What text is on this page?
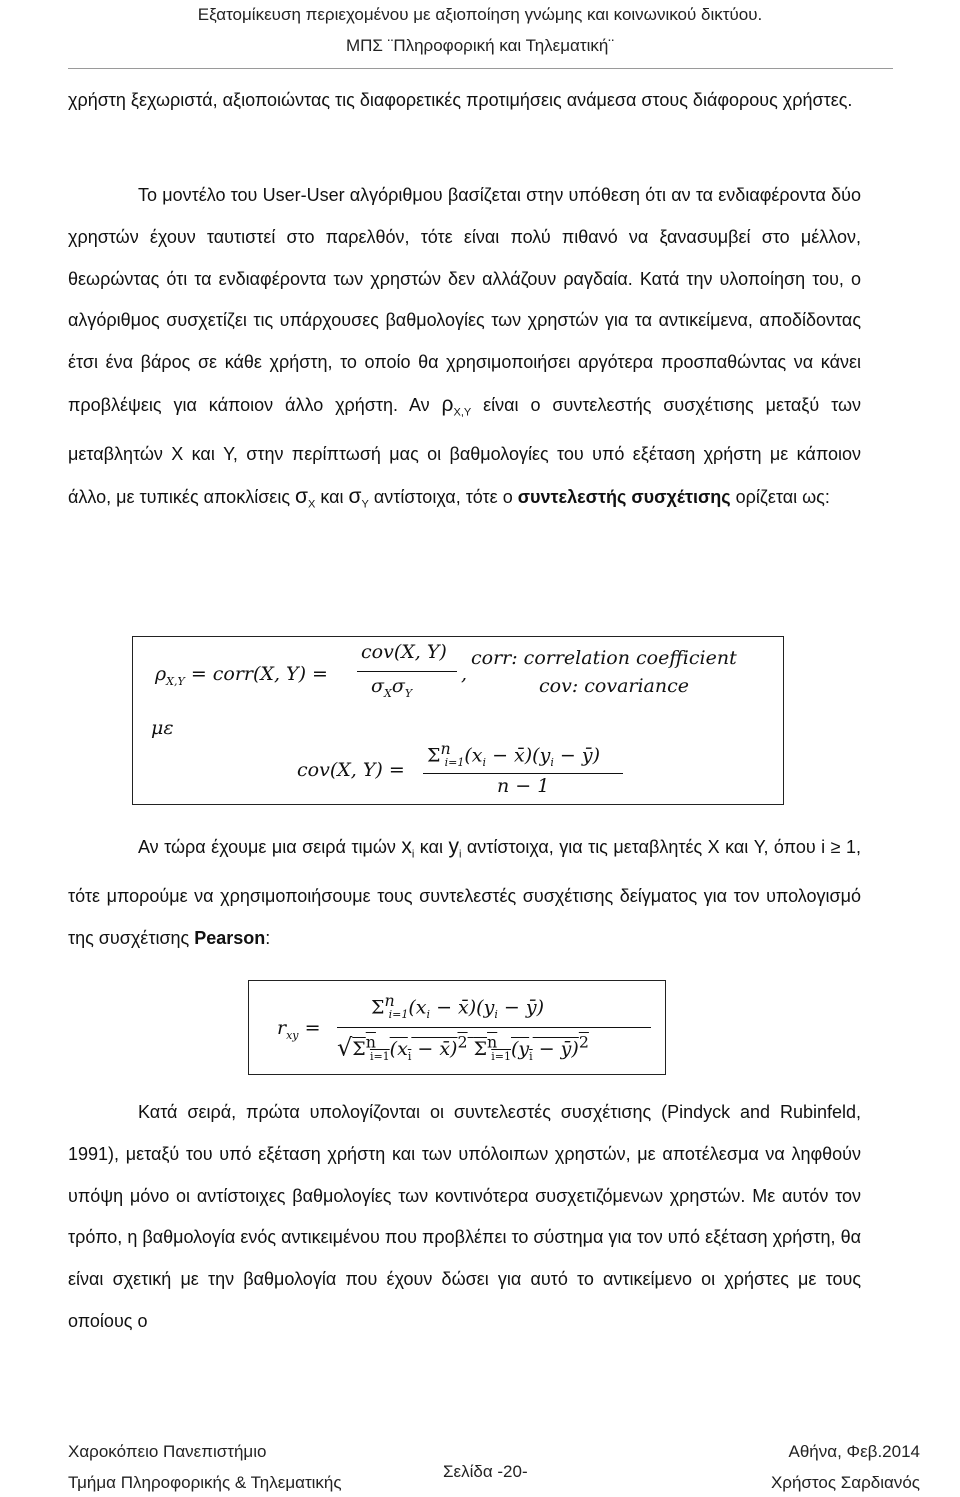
Εξατομίκευση περιεχομένου με αξιοποίηση γνώμης και κοινωνικού δικτύου.
ΜΠΣ ¨Πληροφορική και Τηλεματική¨

χρήστη ξεχωριστά, αξιοποιώντας τις διαφορετικές προτιμήσεις ανάμεσα στους διάφορους χρήστες.

Το μοντέλο του User-User αλγόριθμου βασίζεται στην υπόθεση ότι αν τα ενδιαφέροντα δύο χρηστών έχουν ταυτιστεί στο παρελθόν, τότε είναι πολύ πιθανό να ξανασυμβεί στο μέλλον, θεωρώντας ότι τα ενδιαφέροντα των χρηστών δεν αλλάζουν ραγδαία. Κατά την υλοποίηση του, ο αλγόριθμος συσχετίζει τις υπάρχουσες βαθμολογίες των χρηστών για τα αντικείμενα, αποδίδοντας έτσι ένα βάρος σε κάθε χρήστη, το οποίο θα χρησιμοποιήσει αργότερα προσπαθώντας να κάνει προβλέψεις για κάποιον άλλο χρήστη. Αν $\rho_{X,Y}$ είναι ο συντελεστής συσχέτισης μεταξύ των μεταβλητών X και Y, στην περίπτωσή μας οι βαθμολογίες του υπό εξέταση χρήστη με κάποιον άλλο, με τυπικές αποκλίσεις $\sigma_X$ και $\sigma_Y$ αντίστοιχα, τότε ο συντελεστής συσχέτισης ορίζεται ως:

$\rho_{X,Y}$ = corr(X, Y) =
cov(X, Y)
$\sigma_X\sigma_Y$
,
corr: correlation coefficient
cov: covariance
με
cov(X, Y) =
$\Sigma^n_{i=1}(x_i$ − $x̄)(y_i$ − ȳ)
n − 1

Αν τώρα έχουμε μια σειρά τιμών $x_i$ και $y_i$ αντίστοιχα, για τις μεταβλητές X και Y, όπου i ≥ 1, τότε μπορούμε να χρησιμοποιήσουμε τους συντελεστές συσχέτισης δείγματος για τον υπολογισμό της συσχέτισης Pearson:

$r_{xy}$ =
$\Sigma^n_{i=1}(x_i$ − $x̄)(y_i$ − ȳ)
$√\Sigma^n_{i=1}(x_i$ − x̄)$^2$ $\Sigma^n_{i=1}(y_i$ − ȳ)$^2$

Κατά σειρά, πρώτα υπολογίζονται οι συντελεστές συσχέτισης (Pindyck and Rubinfeld, 1991), μεταξύ του υπό εξέταση χρήστη και των υπόλοιπων χρηστών, με αποτέλεσμα να ληφθούν υπόψη μόνο οι αντίστοιχες βαθμολογίες των κοντινότερα συσχετιζόμενων χρηστών. Με αυτόν τον τρόπο, η βαθμολογία ενός αντικειμένου που προβλέπει το σύστημα για τον υπό εξέταση χρήστη, θα είναι σχετική με την βαθμολογία που έχουν δώσει για αυτό το αντικείμενο οι χρήστες με τους οποίους ο

Χαροκόπειο Πανεπιστήμιο
Τμήμα Πληροφορικής & Τηλεματικής
Σελίδα -20-
Αθήνα, Φεβ.2014
Χρήστος Σαρδιανός
